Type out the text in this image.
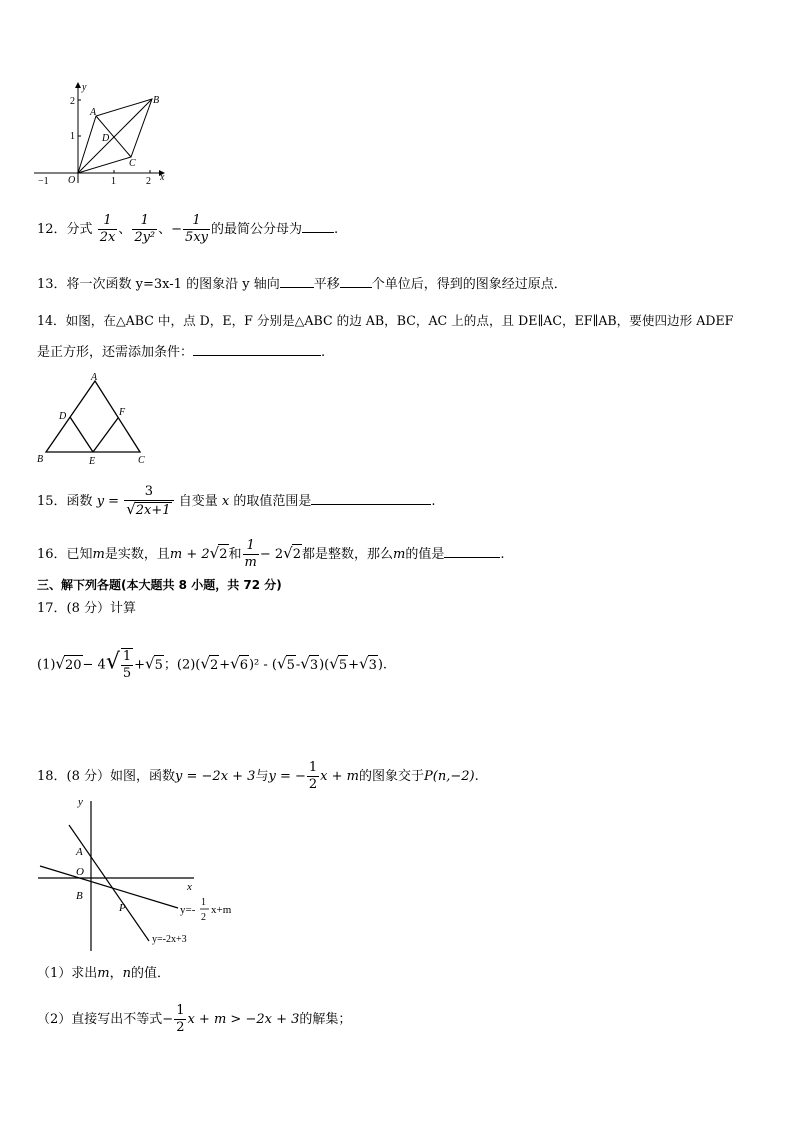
y
x
2
1
−1	1	2
O
A
B
C
D
12．分式 $\frac{1}{2x}$ 、 $\frac{1}{\text{2y²}}$ 、− $\frac{1}{5xy}$ 的最简公分母为 .
13．将一次函数 y=3x-1 的图象沿 y 轴向	平移 个单位后，得到的图象经过原点．
14．如图，在△ABC 中，点 D，E，F 分别是△ABC 的边 AB，BC，AC 上的点，且 DE∥AC，EF∥AB，要使四边形 ADEF
是正方形，还需添加条件：	.
A
B	C
D
E
F
15．函数 $y = \frac{3}{√2x+1}$ 自变量 x 的取值范围是	.
16．已知m是实数，且m + 2√2和 $\frac{1}{m} - 2√2$都是整数，那么m的值是	.
三、解下列各题(本大题共 8 小题，共 72 分)
17．(8 分）计算
$(1)√20- 4√ \frac{1}{5} +√5$；(2)(√2+√6)² - (√5-√3)(√5+√3).
18．(8 分）如图，函数y = −2x + 3与y = − $\frac{1}{2}$ x + m的图象交于P(n,−2).
y
x
A
O
B
P	y=-
1
2
x+m
y=-2x+3
（1）求出m，n的值．
（2）直接写出不等式− $\frac{1}{2}$ x + m > −2x + 3的解集；
